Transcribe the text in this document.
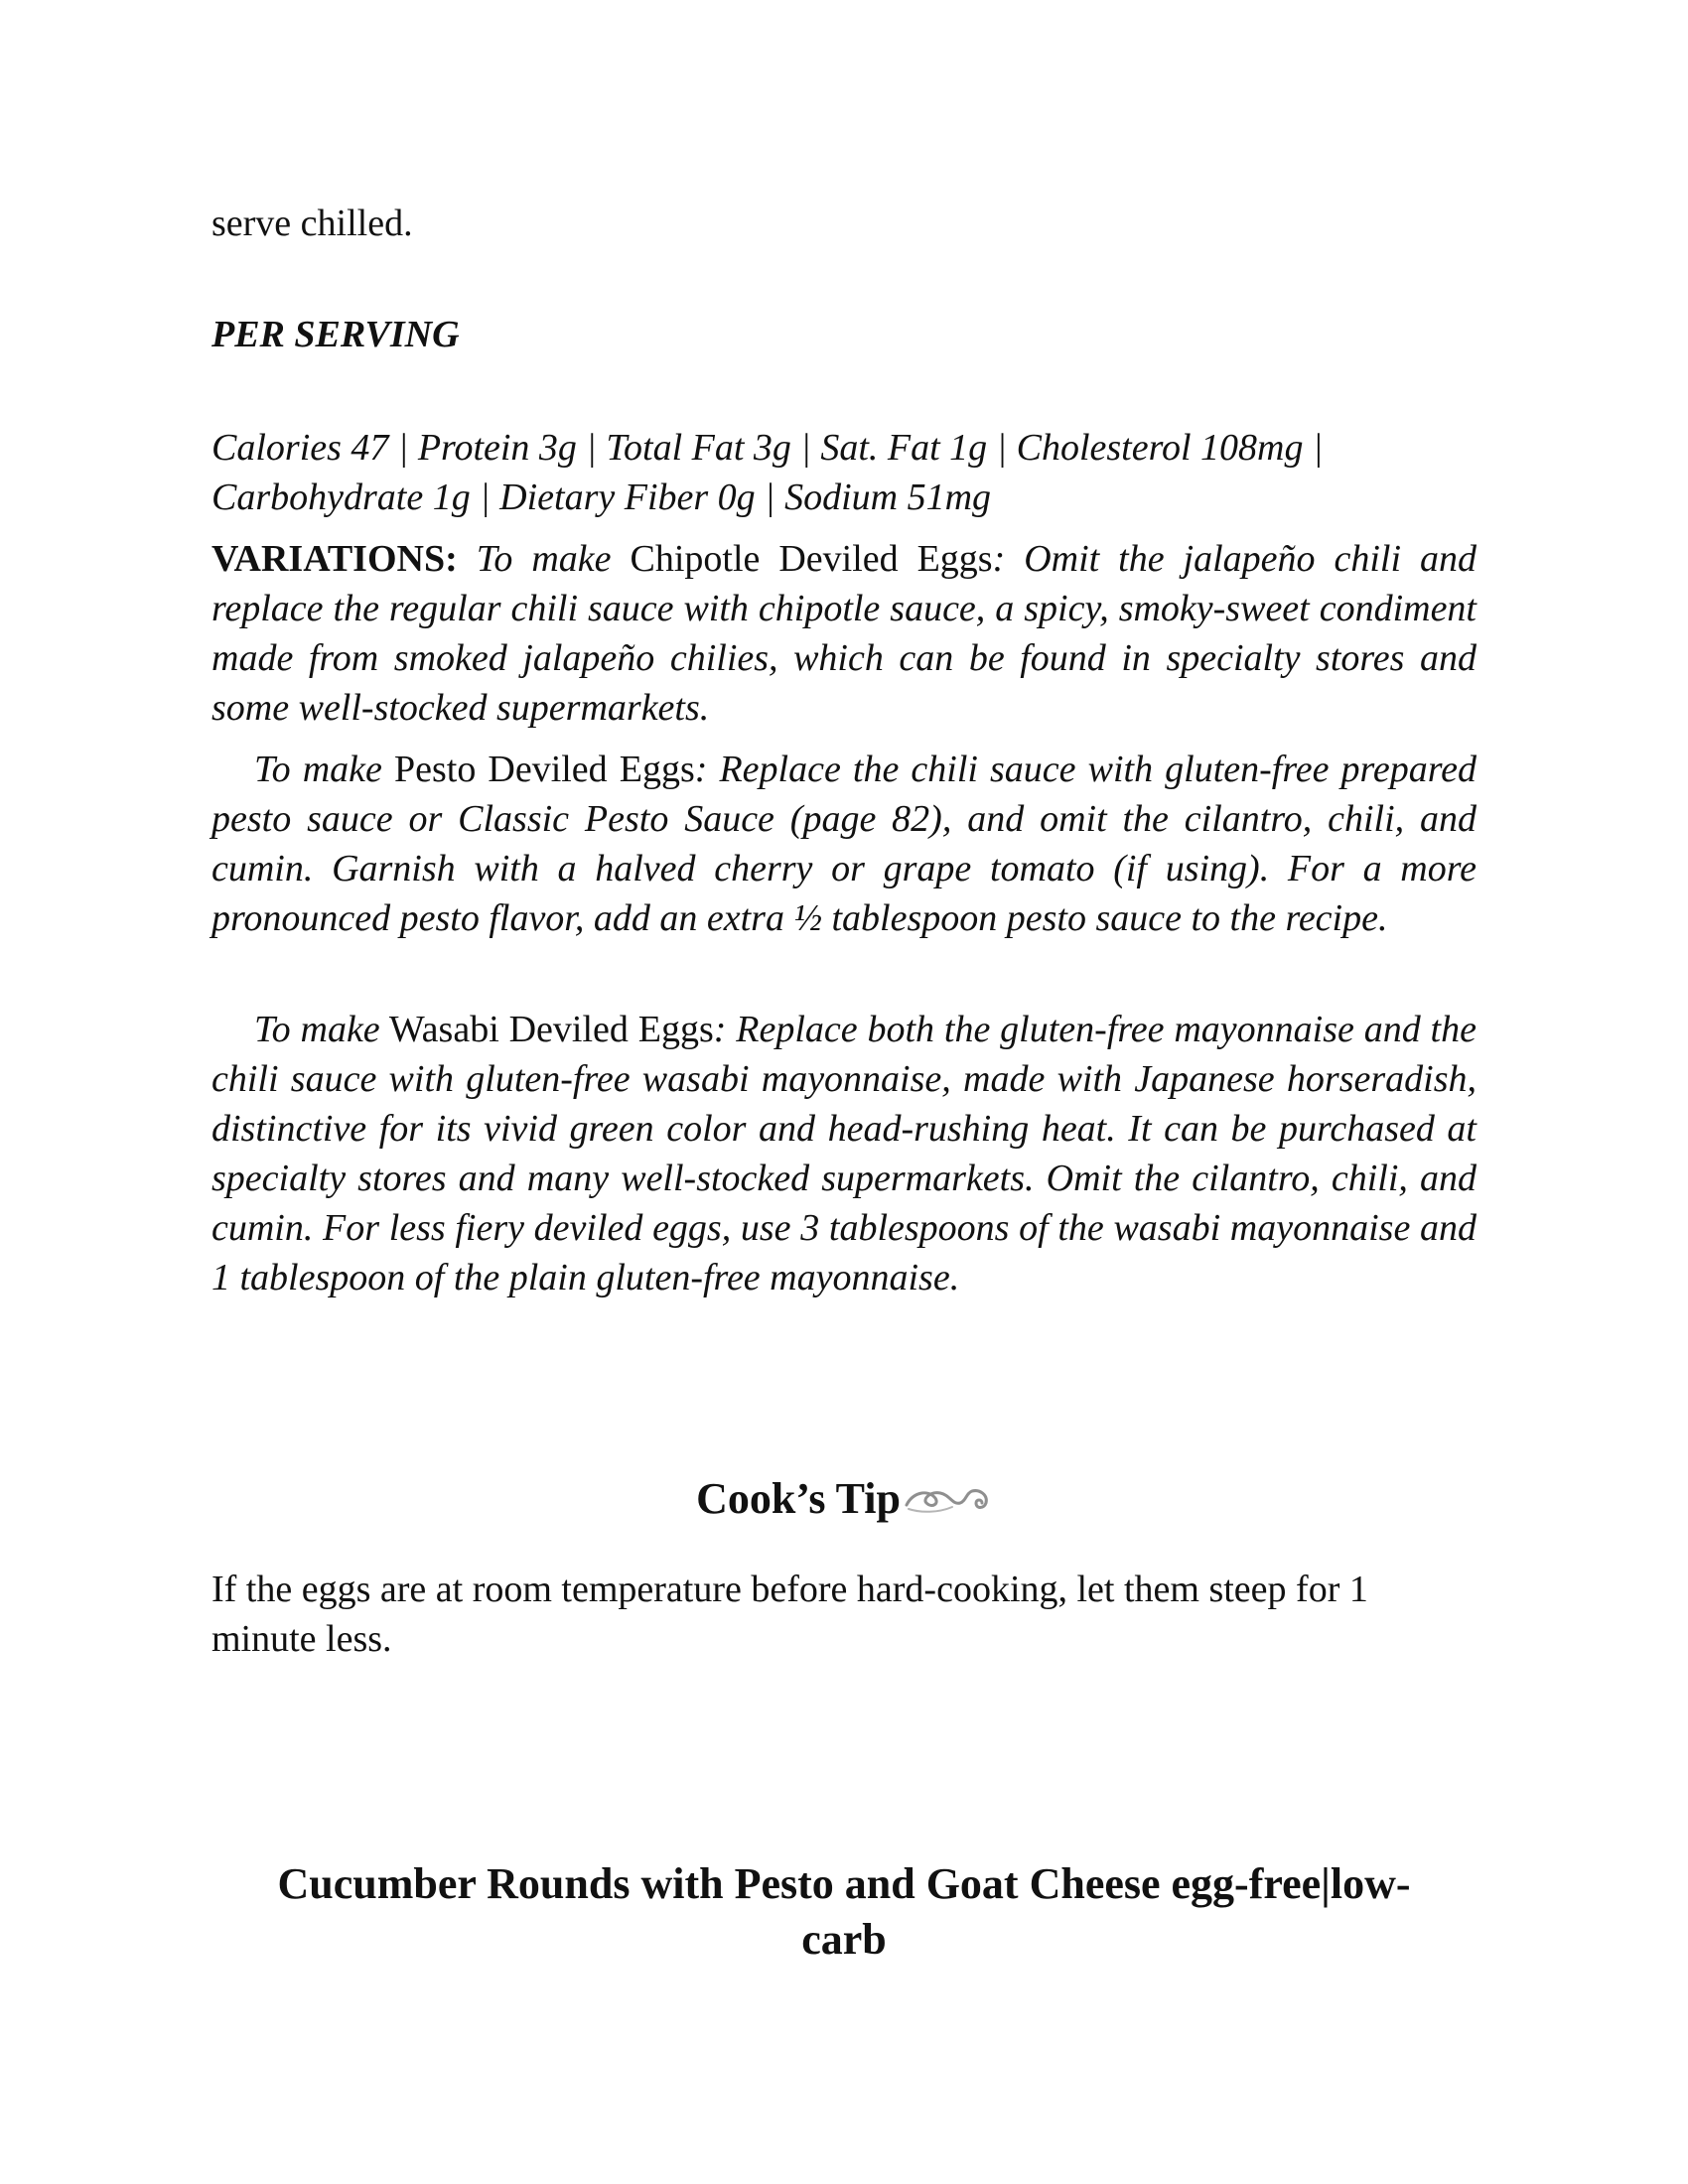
serve chilled.

PER SERVING

Calories 47 | Protein 3g | Total Fat 3g | Sat. Fat 1g | Cholesterol 108mg | Carbohydrate 1g | Dietary Fiber 0g | Sodium 51mg

VARIATIONS: To make Chipotle Deviled Eggs: Omit the jalapeño chili and replace the regular chili sauce with chipotle sauce, a spicy, smoky-sweet condiment made from smoked jalapeño chilies, which can be found in specialty stores and some well-stocked supermarkets.

To make Pesto Deviled Eggs: Replace the chili sauce with gluten-free prepared pesto sauce or Classic Pesto Sauce (page 82), and omit the cilantro, chili, and cumin. Garnish with a halved cherry or grape tomato (if using). For a more pronounced pesto flavor, add an extra ½ tablespoon pesto sauce to the recipe.

To make Wasabi Deviled Eggs: Replace both the gluten-free mayonnaise and the chili sauce with gluten-free wasabi mayonnaise, made with Japanese horseradish, distinctive for its vivid green color and head-rushing heat. It can be purchased at specialty stores and many well-stocked supermarkets. Omit the cilantro, chili, and cumin. For less fiery deviled eggs, use 3 tablespoons of the wasabi mayonnaise and 1 tablespoon of the plain gluten-free mayonnaise.

Cook’s Tip

If the eggs are at room temperature before hard-cooking, let them steep for 1 minute less.

Cucumber Rounds with Pesto and Goat Cheese egg-free|low-carb
